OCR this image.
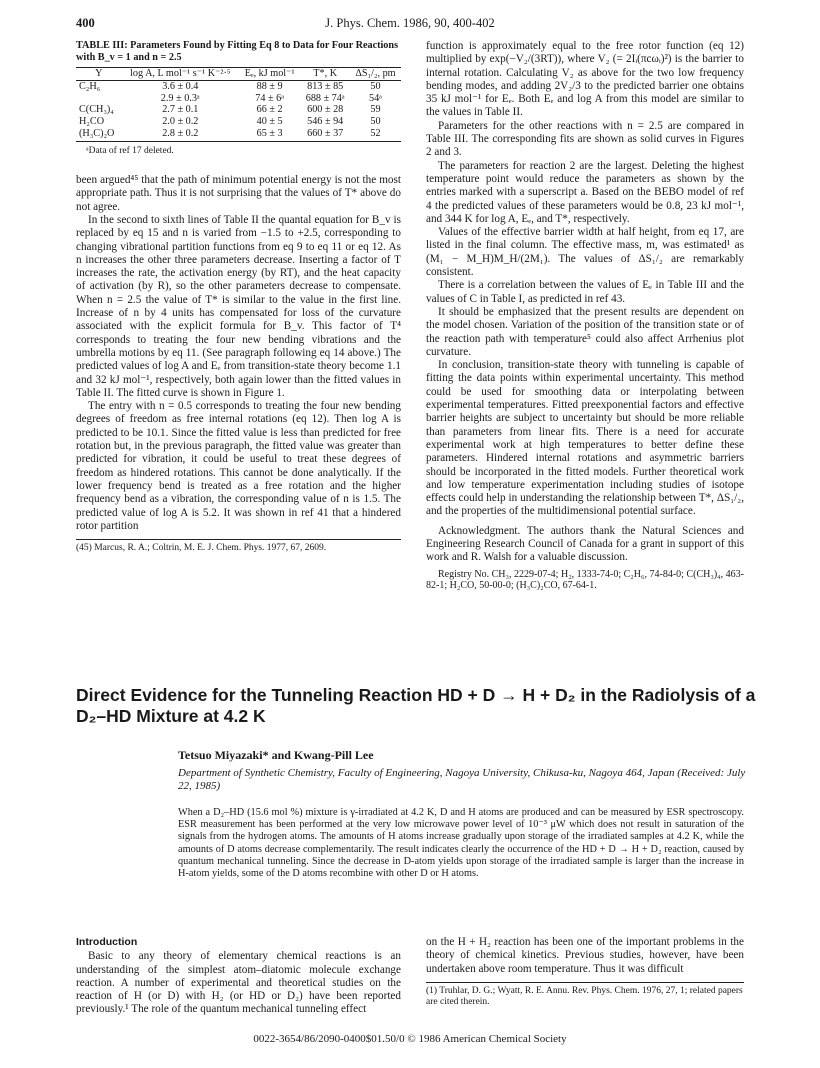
400	J. Phys. Chem. 1986, 90, 400-402
TABLE III: Parameters Found by Fitting Eq 8 to Data for Four Reactions with B_v = 1 and n = 2.5
Y	log A, L mol⁻¹ s⁻¹ K⁻²·⁵	Eₑ, kJ mol⁻¹	T*, K	ΔS₁/₂, pm
C₂H₆	3.6 ± 0.4	88 ± 9	813 ± 85	50
	2.9 ± 0.3ᵃ	74 ± 6ᵃ	688 ± 74ᵃ	54ᵃ
C(CH₃)₄	2.7 ± 0.1	66 ± 2	600 ± 28	59
H₂CO	2.0 ± 0.2	40 ± 5	546 ± 94	50
(H₃C)₂O	2.8 ± 0.2	65 ± 3	660 ± 37	52
ᵃData of ref 17 deleted.

been argued⁴⁵ that the path of minimum potential energy is not the most appropriate path. Thus it is not surprising that the values of T* above do not agree.

In the second to sixth lines of Table II the quantal equation for B_v is replaced by eq 15 and n is varied from −1.5 to +2.5, corresponding to changing vibrational partition functions from eq 9 to eq 11 or eq 12. As n increases the other three parameters decrease. Inserting a factor of T increases the rate, the activation energy (by RT), and the heat capacity of activation (by R), so the other parameters decrease to compensate. When n = 2.5 the value of T* is similar to the value in the first line. Increase of n by 4 units has compensated for loss of the curvature associated with the explicit formula for B_v. This factor of T⁴ corresponds to treating the four new bending vibrations and the umbrella motions by eq 11. (See paragraph following eq 14 above.) The predicted values of log A and Eₑ from transition-state theory become 1.1 and 32 kJ mol⁻¹, respectively, both again lower than the fitted values in Table II. The fitted curve is shown in Figure 1.

The entry with n = 0.5 corresponds to treating the four new bending degrees of freedom as free internal rotations (eq 12). Then log A is predicted to be 10.1. Since the fitted value is less than predicted for free rotation but, in the previous paragraph, the fitted value was greater than predicted for vibration, it could be useful to treat these degrees of freedom as hindered rotations. This cannot be done analytically. If the lower frequency bend is treated as a free rotation and the higher frequency bend as a vibration, the corresponding value of n is 1.5. The predicted value of log A is 5.2. It was shown in ref 41 that a hindered rotor partition

(45) Marcus, R. A.; Coltrin, M. E. J. Chem. Phys. 1977, 67, 2609.

function is approximately equal to the free rotor function (eq 12) multiplied by exp(−V₂/(3RT)), where V₂ (= 2Iᵢ(πcωᵢ)²) is the barrier to internal rotation. Calculating V₂ as above for the two low frequency bending modes, and adding 2V₂/3 to the predicted barrier one obtains 35 kJ mol⁻¹ for Eₑ. Both Eₑ and log A from this model are similar to the values in Table II.

Parameters for the other reactions with n = 2.5 are compared in Table III. The corresponding fits are shown as solid curves in Figures 2 and 3.

The parameters for reaction 2 are the largest. Deleting the highest temperature point would reduce the parameters as shown by the entries marked with a superscript a. Based on the BEBO model of ref 4 the predicted values of these parameters would be 0.8, 23 kJ mol⁻¹, and 344 K for log A, Eₑ, and T*, respectively.

Values of the effective barrier width at half height, from eq 17, are listed in the final column. The effective mass, m, was estimated¹ as (M₁ − M_H)M_H/(2M₁). The values of ΔS₁/₂ are remarkably consistent.

There is a correlation between the values of Eₑ in Table III and the values of C in Table I, as predicted in ref 43.

It should be emphasized that the present results are dependent on the model chosen. Variation of the position of the transition state or of the reaction path with temperature⁵ could also affect Arrhenius plot curvature.

In conclusion, transition-state theory with tunneling is capable of fitting the data points within experimental uncertainty. This method could be used for smoothing data or interpolating between experimental temperatures. Fitted preexponential factors and effective barrier heights are subject to uncertainty but should be more reliable than parameters from linear fits. There is a need for accurate experimental work at high temperatures to better define these parameters. Hindered internal rotations and asymmetric barriers should be incorporated in the fitted models. Further theoretical work and low temperature experimentation including studies of isotope effects could help in understanding the relationship between T*, ΔS₁/₂, and the properties of the multidimensional potential surface.

Acknowledgment. The authors thank the Natural Sciences and Engineering Research Council of Canada for a grant in support of this work and R. Walsh for a valuable discussion.

Registry No. CH₃, 2229-07-4; H₂, 1333-74-0; C₂H₆, 74-84-0; C(CH₃)₄, 463-82-1; H₂CO, 50-00-0; (H₃C)₂CO, 67-64-1.

Direct Evidence for the Tunneling Reaction HD + D → H + D₂ in the Radiolysis of a D₂–HD Mixture at 4.2 K
Tetsuo Miyazaki* and Kwang-Pill Lee
Department of Synthetic Chemistry, Faculty of Engineering, Nagoya University, Chikusa-ku, Nagoya 464, Japan (Received: July 22, 1985)
When a D₂–HD (15.6 mol %) mixture is γ-irradiated at 4.2 K, D and H atoms are produced and can be measured by ESR spectroscopy. ESR measurement has been performed at the very low microwave power level of 10⁻³ μW which does not result in saturation of the signals from the hydrogen atoms. The amounts of H atoms increase gradually upon storage of the irradiated samples at 4.2 K, while the amounts of D atoms decrease complementarily. The result indicates clearly the occurrence of the HD + D → H + D₂ reaction, caused by quantum mechanical tunneling. Since the decrease in D-atom yields upon storage of the irradiated sample is larger than the increase in H-atom yields, some of the D atoms recombine with other D or H atoms.
Introduction

Basic to any theory of elementary chemical reactions is an understanding of the simplest atom–diatomic molecule exchange reaction. A number of experimental and theoretical studies on the reaction of H (or D) with H₂ (or HD or D₂) have been reported previously.¹ The role of the quantum mechanical tunneling effect

on the H + H₂ reaction has been one of the important problems in the theory of chemical kinetics. Previous studies, however, have been undertaken above room temperature. Thus it was difficult

(1) Truhlar, D. G.; Wyatt, R. E. Annu. Rev. Phys. Chem. 1976, 27, 1; related papers are cited therein.
0022-3654/86/2090-0400$01.50/0 © 1986 American Chemical Society
